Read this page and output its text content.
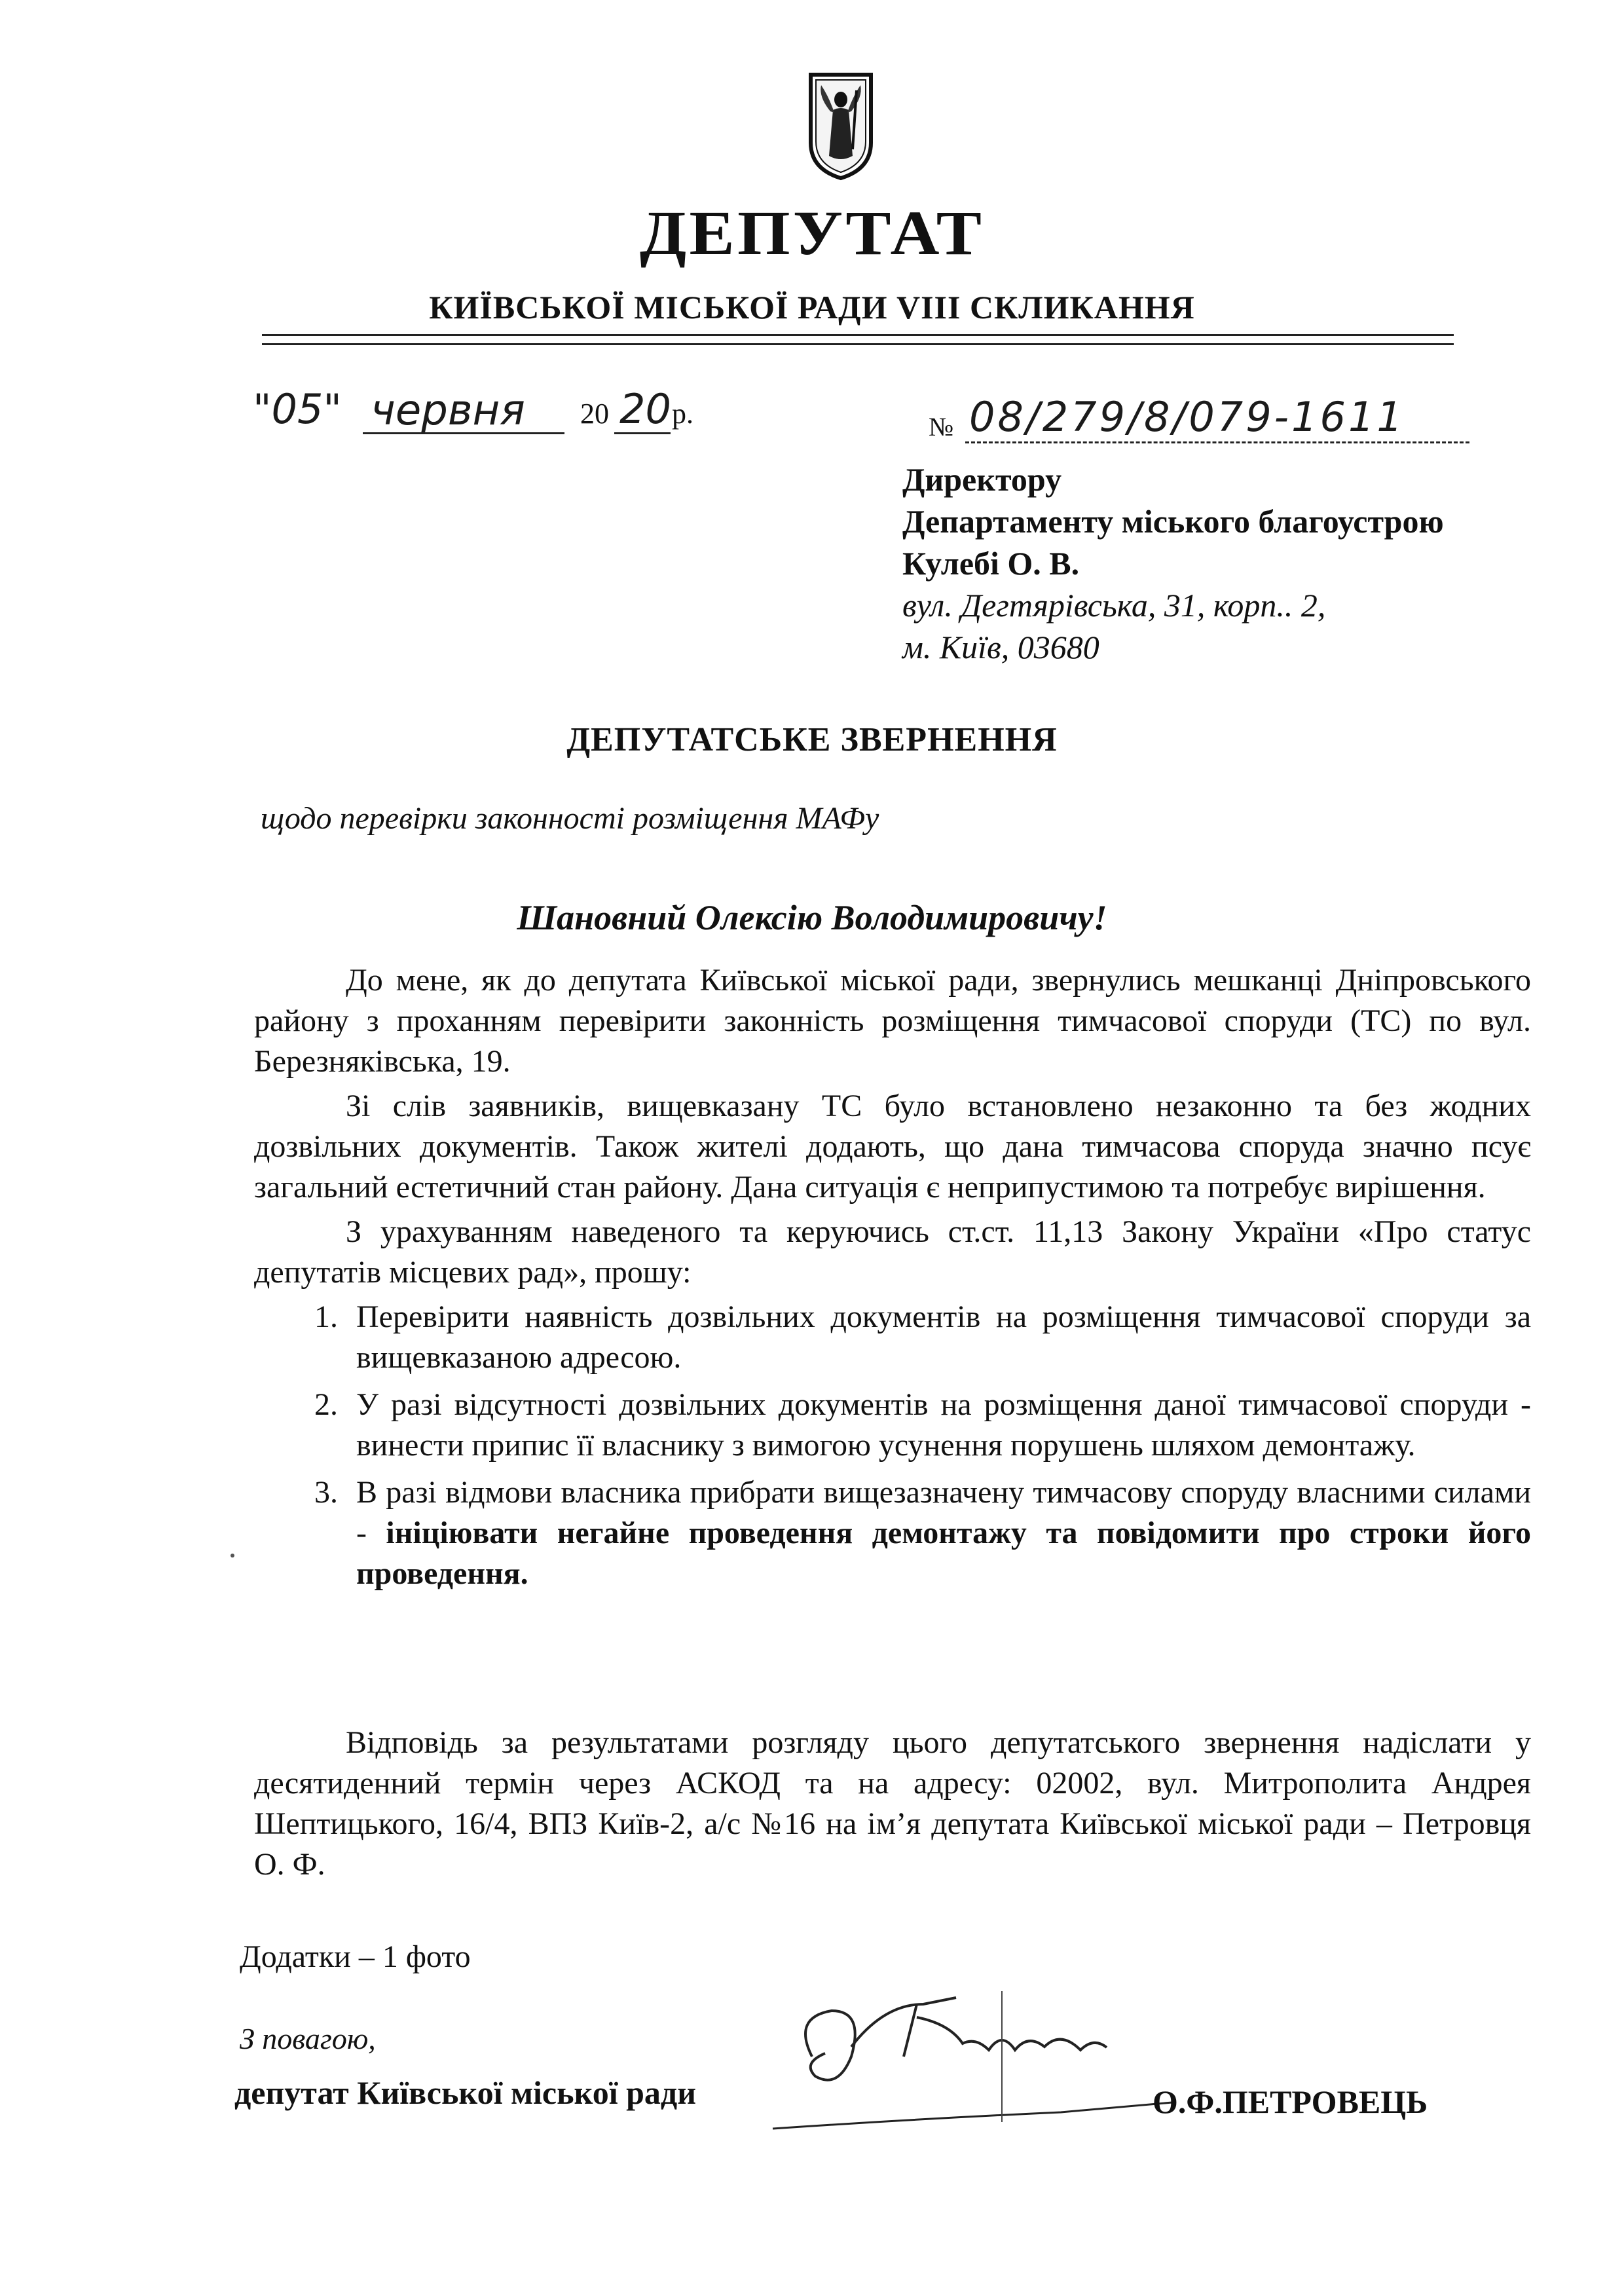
ДЕПУТАТ
КИЇВСЬКОЇ МІСЬКОЇ РАДИ VIII СКЛИКАННЯ
"05" червня 20 20 р.	№ 08/279/8/079-1611
Директору
Департаменту міського благоустрою
Кулебі О. В.
вул. Дегтярівська, 31, корп.. 2,
м. Київ, 03680
ДЕПУТАТСЬКЕ ЗВЕРНЕННЯ
щодо перевірки законності розміщення МАФу
Шановний Олексію Володимировичу!

До мене, як до депутата Київської міської ради, звернулись мешканці Дніпровського району з проханням перевірити законність розміщення тимчасової споруди (ТС) по вул. Березняківська, 19.

Зі слів заявників, вищевказану ТС було встановлено незаконно та без жодних дозвільних документів. Також жителі додають, що дана тимчасова споруда значно псує загальний естетичний стан району. Дана ситуація є неприпустимою та потребує вирішення.

З урахуванням наведеного та керуючись ст.ст. 11,13 Закону України «Про статус депутатів місцевих рад», прошу:

1. Перевірити наявність дозвільних документів на розміщення тимчасової споруди за вищевказаною адресою.
2. У разі відсутності дозвільних документів на розміщення даної тимчасової споруди - винести припис її власнику з вимогою усунення порушень шляхом демонтажу.
3. В разі відмови власника прибрати вищезазначену тимчасову споруду власними силами - ініціювати негайне проведення демонтажу та повідомити про строки його проведення.

Відповідь за результатами розгляду цього депутатського звернення надіслати у десятиденний термін через АСКОД та на адресу: 02002, вул. Митрополита Андрея Шептицького, 16/4, ВПЗ Київ-2, а/с №16 на ім’я депутата Київської міської ради – Петровця О. Ф.

Додатки – 1 фото
З повагою,
депутат Київської міської ради	О.Ф.ПЕТРОВЕЦЬ
